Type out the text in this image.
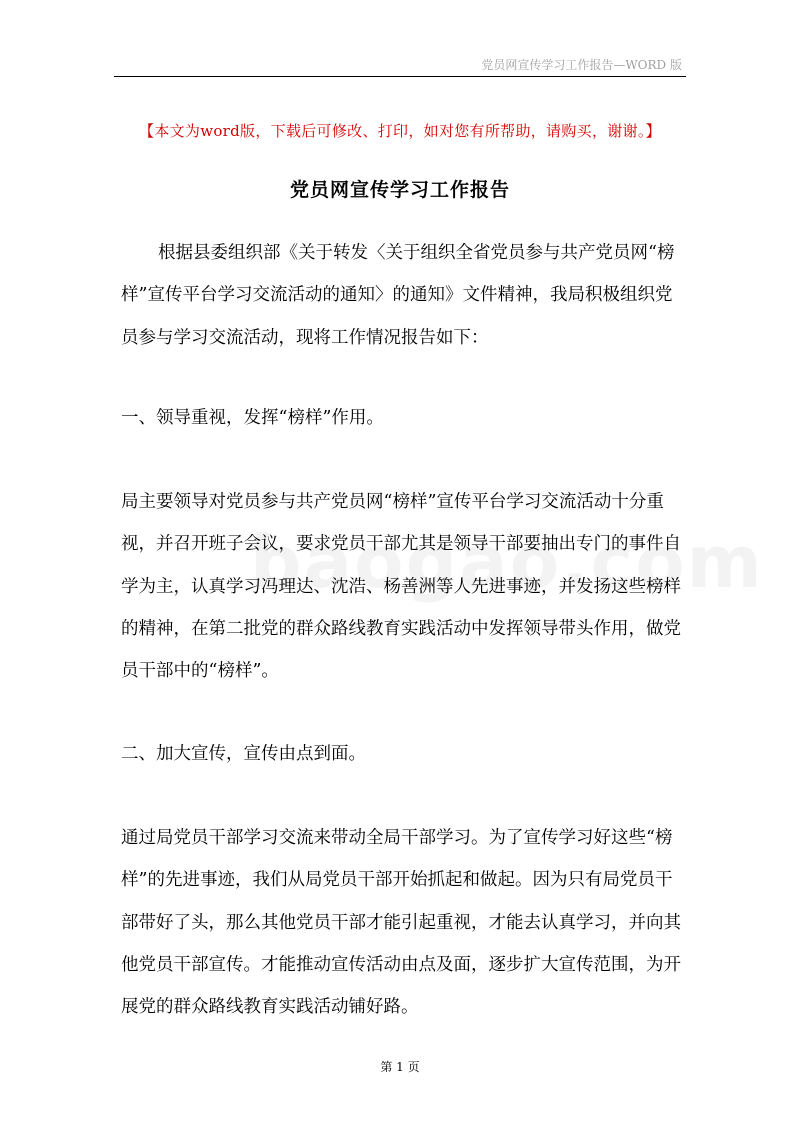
党员网宣传学习工作报告—WORD 版
【本文为word版，下载后可修改、打印，如对您有所帮助，请购买，谢谢。】
党员网宣传学习工作报告

根据县委组织部《关于转发〈关于组织全省党员参与共产党员网“榜样”宣传平台学习交流活动的通知〉的通知》文件精神，我局积极组织党员参与学习交流活动，现将工作情况报告如下：

一、领导重视，发挥“榜样”作用。

局主要领导对党员参与共产党员网“榜样”宣传平台学习交流活动十分重视，并召开班子会议，要求党员干部尤其是领导干部要抽出专门的事件自学为主，认真学习冯理达、沈浩、杨善洲等人先进事迹，并发扬这些榜样的精神，在第二批党的群众路线教育实践活动中发挥领导带头作用，做党员干部中的“榜样”。

二、加大宣传，宣传由点到面。

通过局党员干部学习交流来带动全局干部学习。为了宣传学习好这些“榜样”的先进事迹，我们从局党员干部开始抓起和做起。因为只有局党员干部带好了头，那么其他党员干部才能引起重视，才能去认真学习，并向其他党员干部宣传。才能推动宣传活动由点及面，逐步扩大宣传范围，为开展党的群众路线教育实践活动铺好路。

第 1 页
